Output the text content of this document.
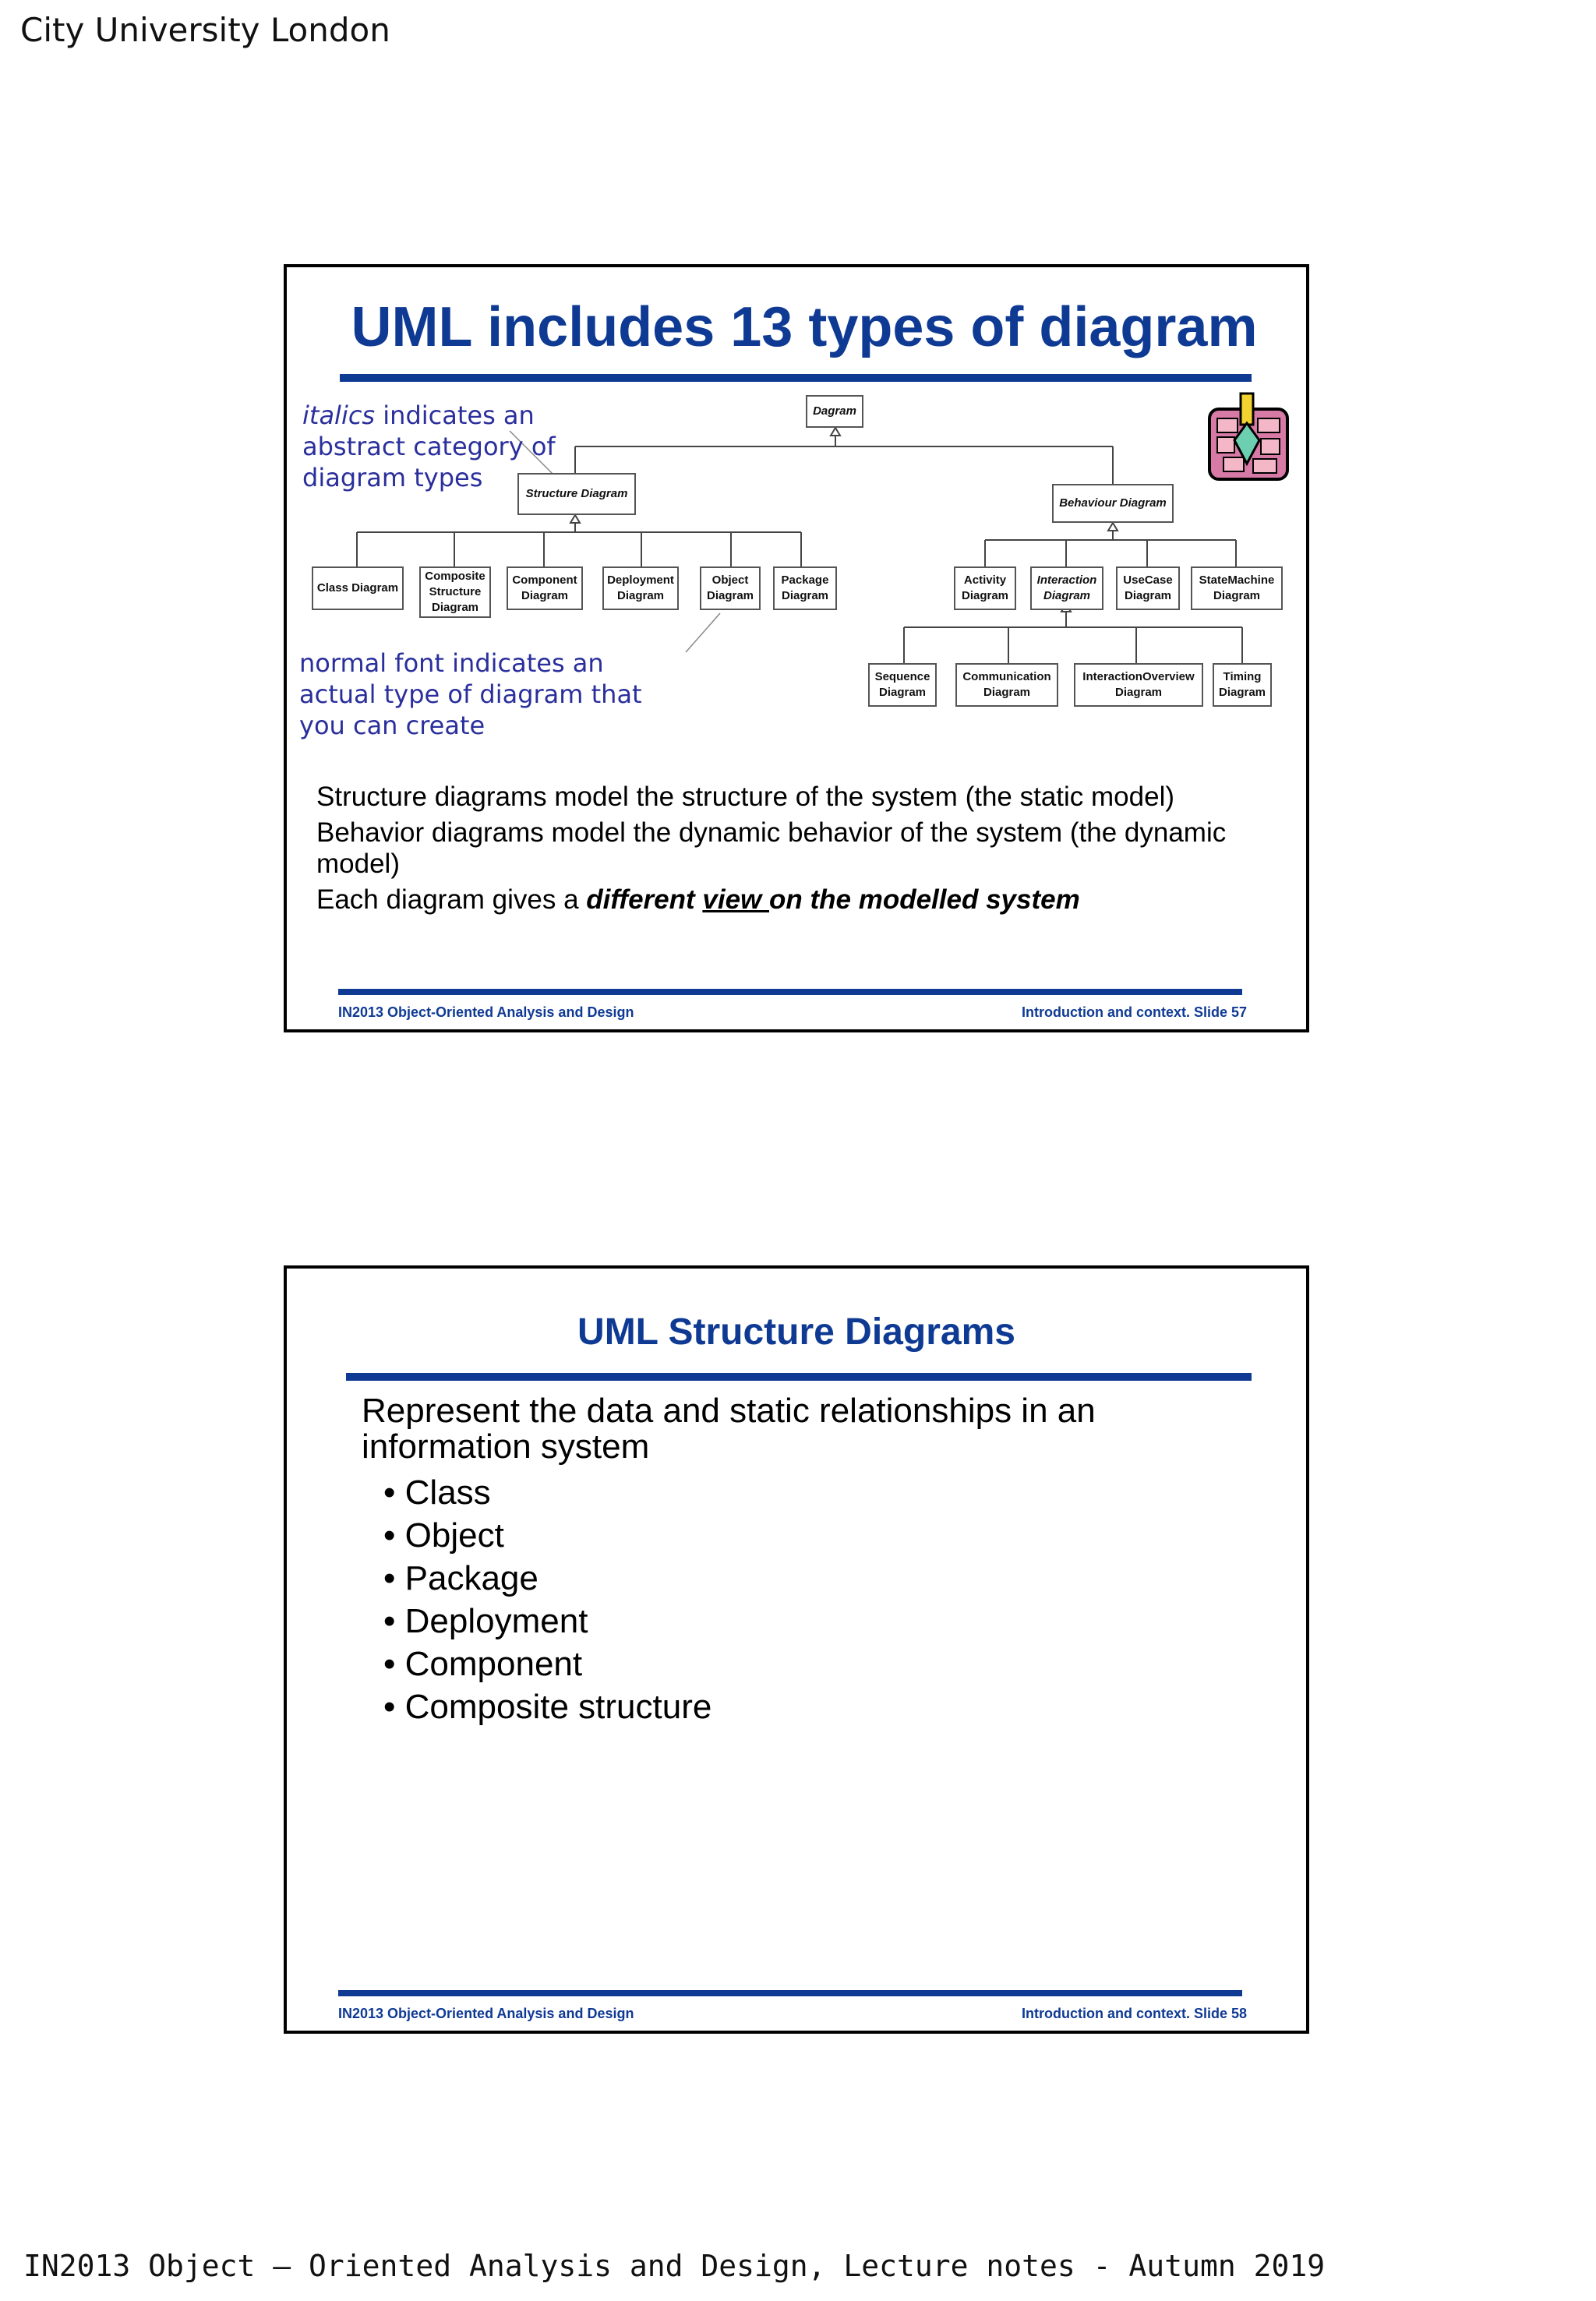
City University London
UML includes 13 types of diagram
italics indicates an abstract category of diagram types
normal font indicates an actual type of diagram that you can create
Dagram
Structure Diagram
Behaviour Diagram
Class Diagram
Composite Structure Diagram
Component Diagram
Deployment Diagram
Object Diagram
Package Diagram
Activity Diagram
Interaction Diagram
UseCase Diagram
StateMachine Diagram
Sequence Diagram
Communication Diagram
InteractionOverview Diagram
Timing Diagram

Structure diagrams model the structure of the system (the static model)

Behavior diagrams model the dynamic behavior of the system (the dynamic model)

Each diagram gives a different view on the modelled system

IN2013 Object-Oriented Analysis and Design	Introduction and context. Slide 57
UML Structure Diagrams
Represent the data and static relationships in an information system
• Class
• Object
• Package
• Deployment
• Component
• Composite structure
IN2013 Object-Oriented Analysis and Design	Introduction and context. Slide 58
IN2013 Object – Oriented Analysis and Design, Lecture notes - Autumn 2019
